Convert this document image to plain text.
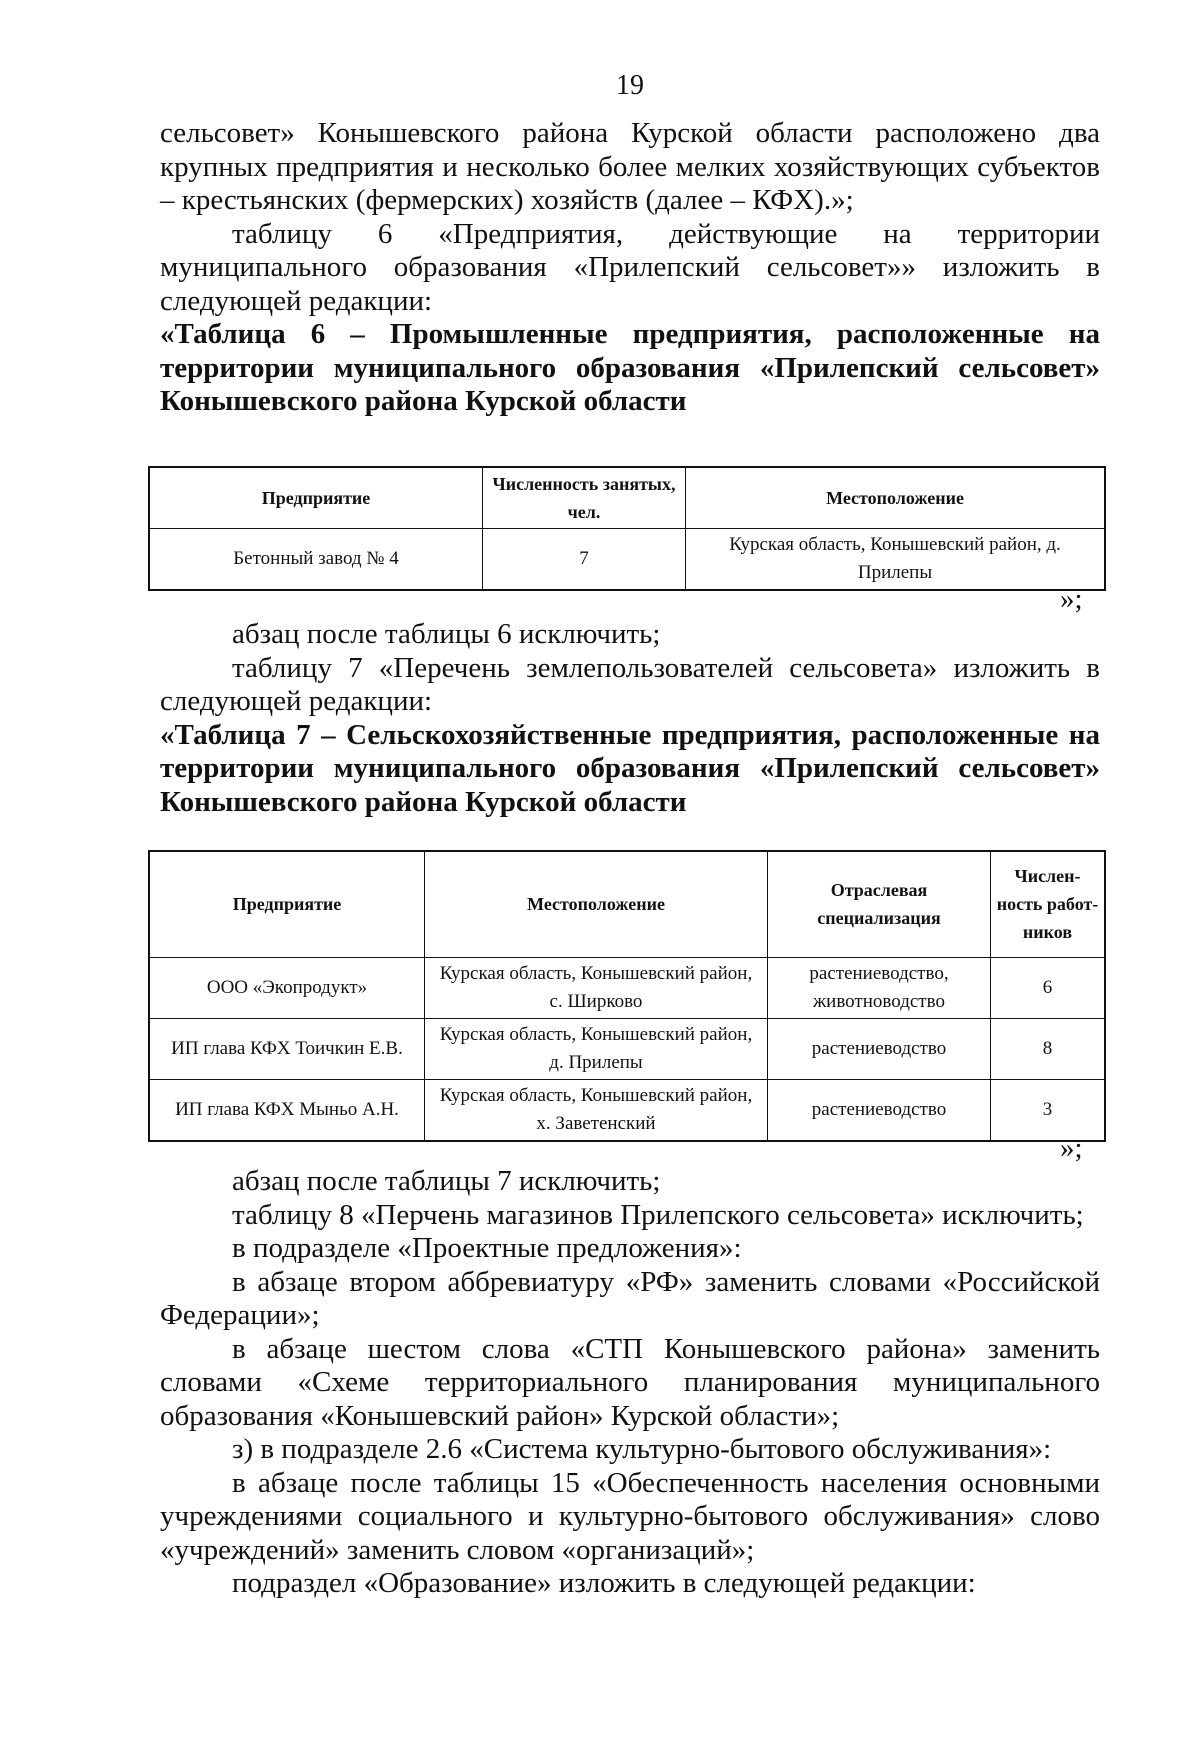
19

сельсовет» Конышевского района Курской области расположено два крупных предприятия и несколько более мелких хозяйствующих субъектов – крестьянских (фермерских) хозяйств (далее – КФХ).»;

таблицу 6 «Предприятия, действующие на территории муниципального образования «Прилепский сельсовет»» изложить в следующей редакции:

«Таблица 6 – Промышленные предприятия, расположенные на территории муниципального образования «Прилепский сельсовет» Конышевского района Курской области

Предприятие	Численность занятых, чел.	Местоположение
Бетонный завод № 4	7	Курская область, Конышевский район, д. Прилепы
»;

абзац после таблицы 6 исключить;

таблицу 7 «Перечень землепользователей сельсовета» изложить в следующей редакции:

«Таблица 7 – Сельскохозяйственные предприятия, расположенные на территории муниципального образования «Прилепский сельсовет» Конышевского района Курской области

Предприятие	Местоположение	Отраслевая специализация	Числен-ность работ-ников
ООО «Экопродукт»	Курская область, Конышевский район, с. Ширково	растениеводство, животноводство	6
ИП глава КФХ Тоичкин Е.В.	Курская область, Конышевский район, д. Прилепы	растениеводство	8
ИП глава КФХ Мыньо А.Н.	Курская область, Конышевский район, х. Заветенский	растениеводство	3
»;

абзац после таблицы 7 исключить;

таблицу 8 «Перчень магазинов Прилепского сельсовета» исключить;

в подразделе «Проектные предложения»:

в абзаце втором аббревиатуру «РФ» заменить словами «Российской Федерации»;

в абзаце шестом слова «СТП Конышевского района» заменить словами «Схеме территориального планирования муниципального образования «Конышевский район» Курской области»;

з) в подразделе 2.6 «Система культурно-бытового обслуживания»:

в абзаце после таблицы 15 «Обеспеченность населения основными учреждениями социального и культурно-бытового обслуживания» слово «учреждений» заменить словом «организаций»;

подраздел «Образование» изложить в следующей редакции:
